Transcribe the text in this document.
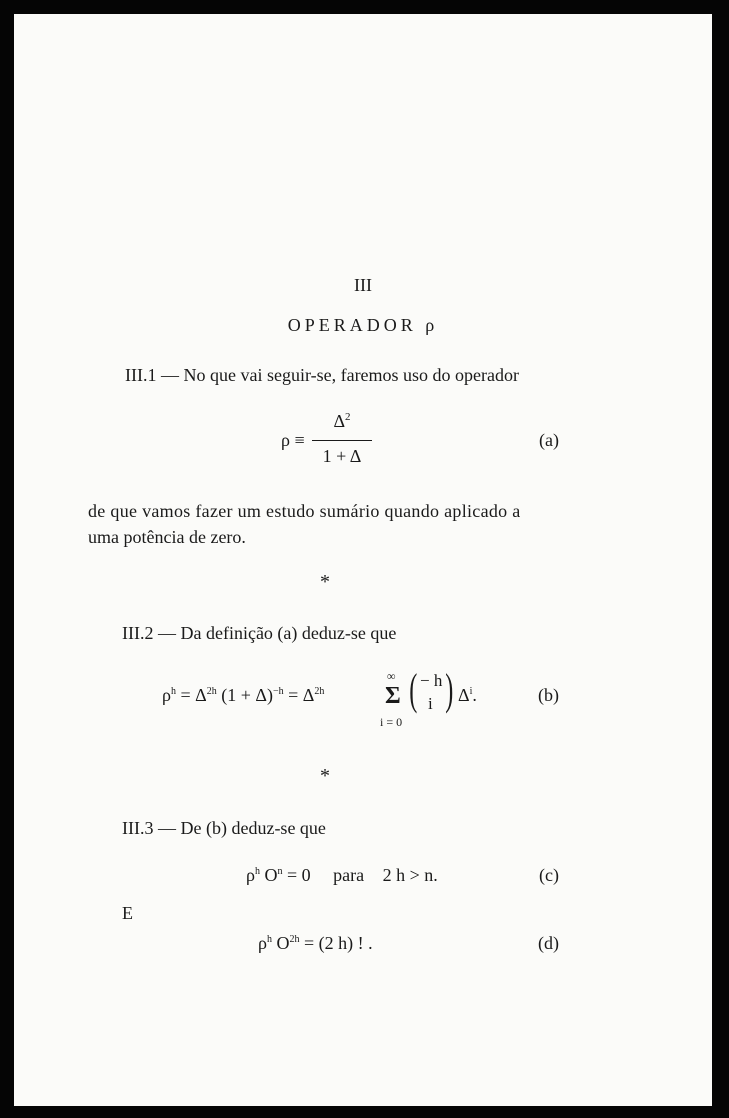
III
OPERADOR ρ
III.1 — No que vai seguir-se, faremos uso do operador
ρ ≡
$\Delta^2$
1 + Δ
(a)
de que vamos fazer um estudo sumário quando aplicado a
uma potência de zero.
*
III.2 — Da definição (a) deduz-se que
$\rho^h = \Delta^{2h}$ $(1 + \Delta)^{-h} = \Delta^{2h}$
∞
Σ
i = 0
( − h
i ) $\Delta^i$.	(b)
*
III.3 — De (b) deduz-se que
$\rho^h$ $O^n = 0$ para 2 h > n.	(c)
E
$\rho^h$ $O^{2h} = (2$ h) ! .	(d)
